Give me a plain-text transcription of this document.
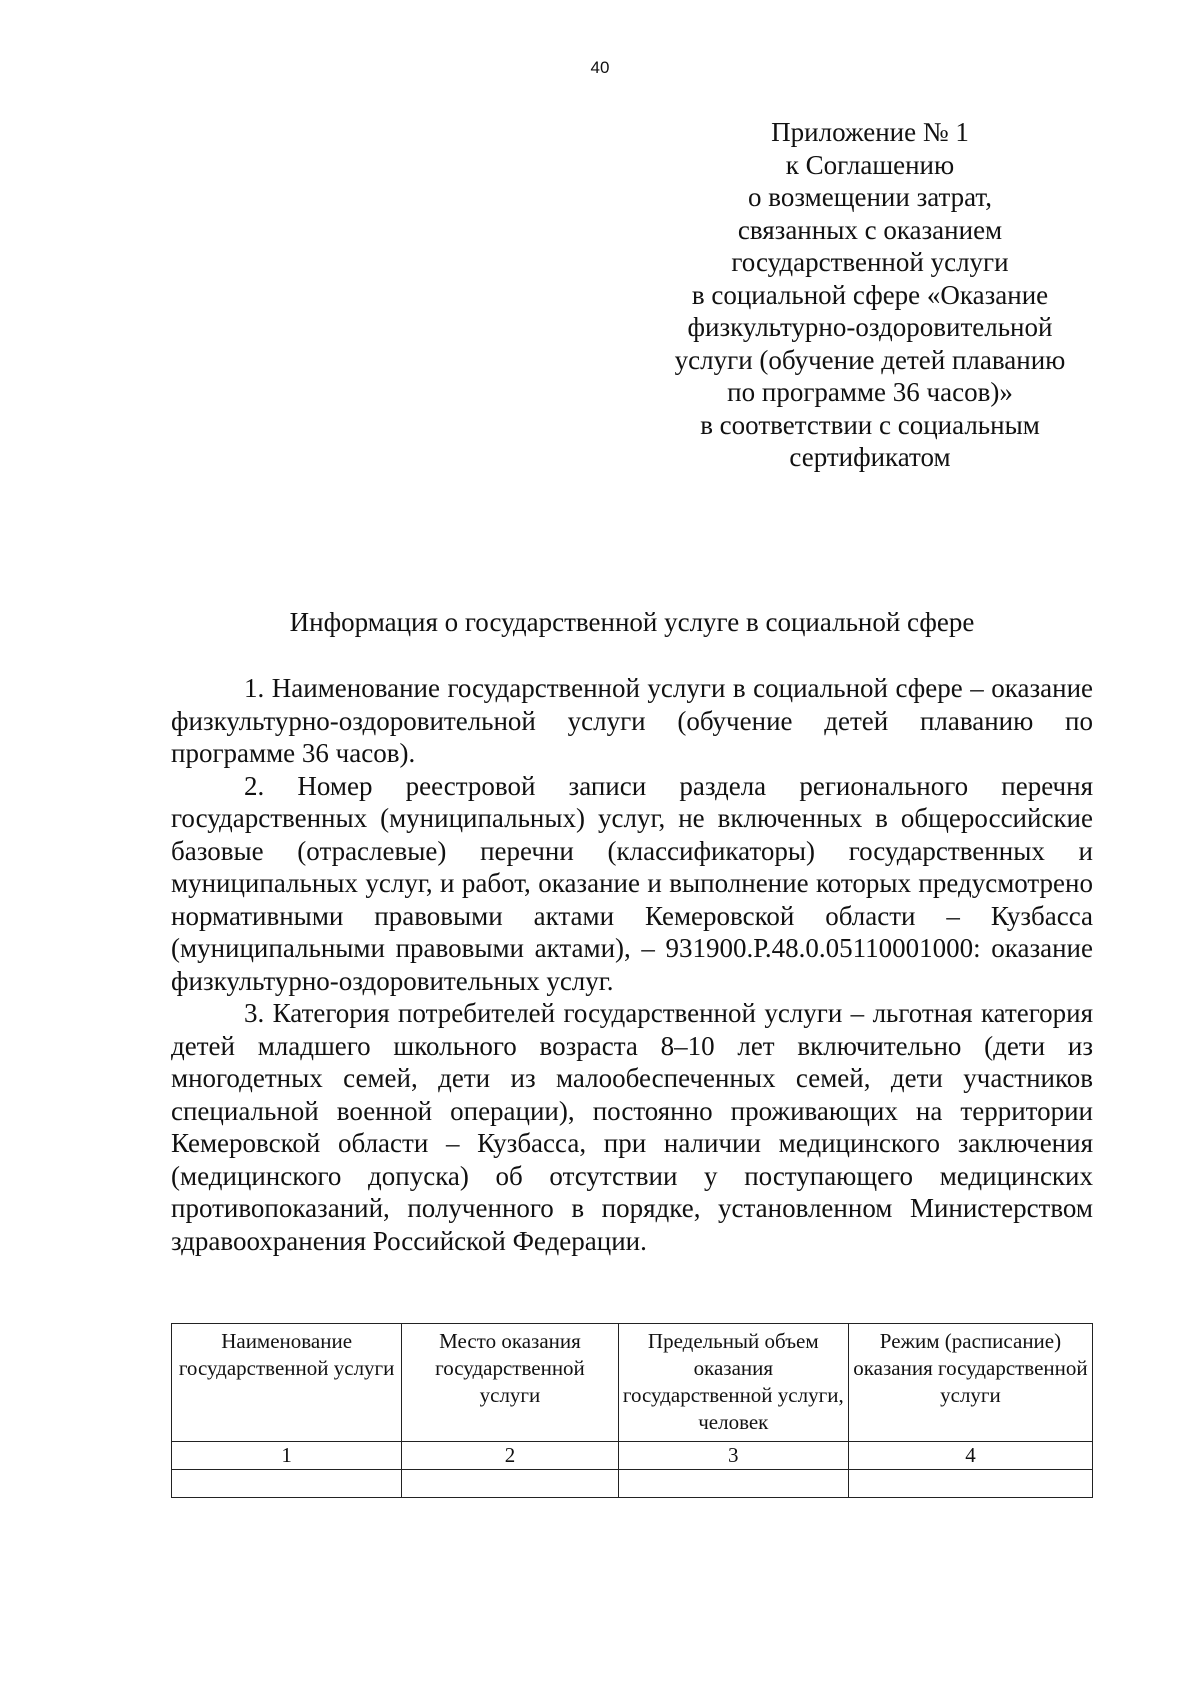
40
Приложение № 1
к Соглашению
о возмещении затрат,
связанных с оказанием
государственной услуги
в социальной сфере «Оказание
физкультурно-оздоровительной
услуги (обучение детей плаванию
по программе 36 часов)»
в соответствии с социальным
сертификатом
Информация о государственной услуге в социальной сфере

1. Наименование государственной услуги в социальной сфере – оказание физкультурно-оздоровительной услуги (обучение детей плаванию по программе 36 часов).

2. Номер реестровой записи раздела регионального перечня государственных (муниципальных) услуг, не включенных в общероссийские базовые (отраслевые) перечни (классификаторы) государственных и муниципальных услуг, и работ, оказание и выполнение которых предусмотрено нормативными правовыми актами Кемеровской области – Кузбасса (муниципальными правовыми актами), – 931900.Р.48.0.05110001000: оказание физкультурно-оздоровительных услуг.

3. Категория потребителей государственной услуги – льготная категория детей младшего школьного возраста 8–10 лет включительно (дети из многодетных семей, дети из малообеспеченных семей, дети участников специальной военной операции), постоянно проживающих на территории Кемеровской области – Кузбасса, при наличии медицинского заключения (медицинского допуска) об отсутствии у поступающего медицинских противопоказаний, полученного в порядке, установленном Министерством здравоохранения Российской Федерации.

Наименование государственной услуги	Место оказания государственной услуги	Предельный объем оказания государственной услуги, человек	Режим (расписание) оказания государственной услуги
1	2	3	4
